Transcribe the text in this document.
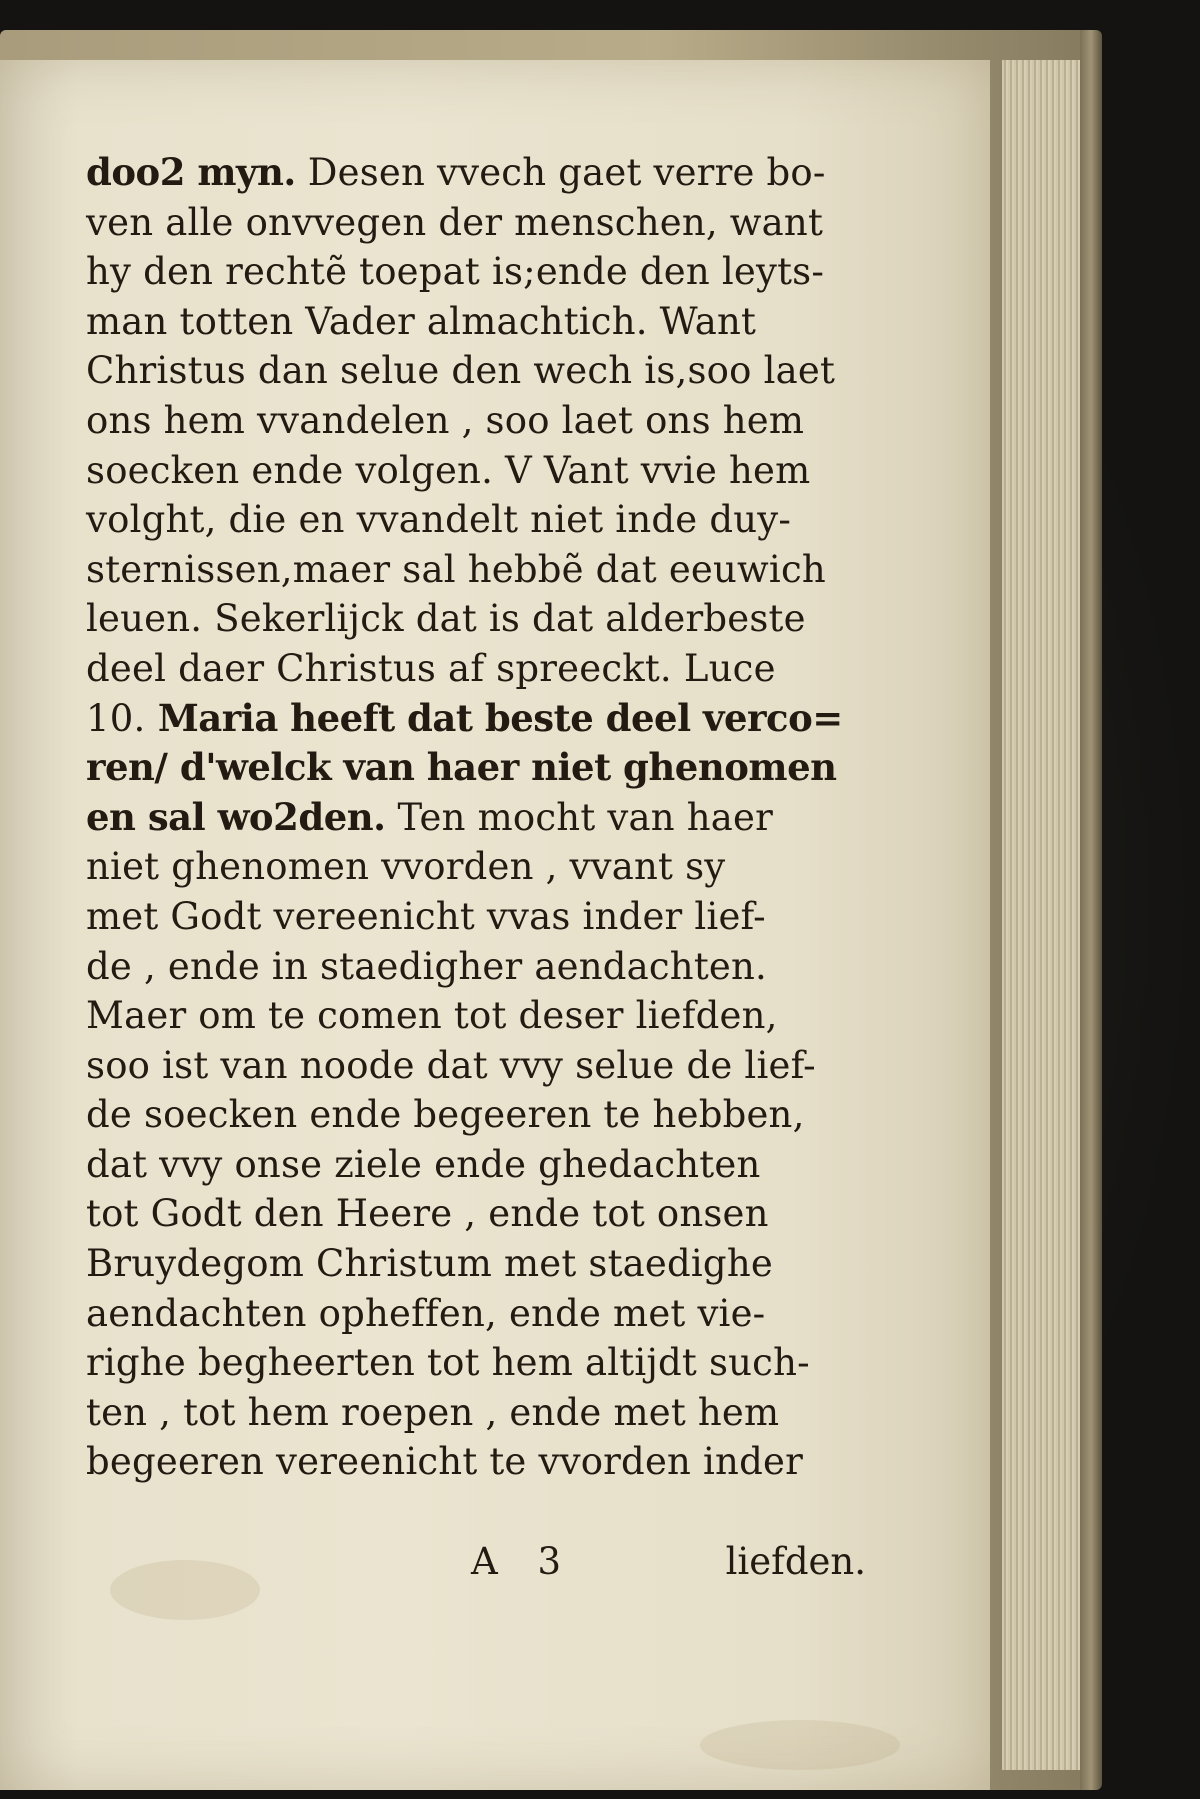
doo2 myn. Desen vvech gaet verre bo-
ven alle onvvegen der menschen, want
hy den rechtẽ toepat is;ende den leyts-
man totten Vader almachtich. Want
Christus dan selue den wech is,soo laet
ons hem vvandelen , soo laet ons hem
soecken ende volgen. V Vant vvie hem
volght, die en vvandelt niet inde duy-
sternissen,maer sal hebbẽ dat eeuwich
leuen. Sekerlijck dat is dat alderbeste
deel daer Christus af spreeckt. Luce
10. Maria heeft dat beste deel verco=
ren/ d'welck van haer niet ghenomen
en sal wo2den. Ten mocht van haer
niet ghenomen vvorden , vvant sy
met Godt vereenicht vvas inder lief-
de , ende in staedigher aendachten.
Maer om te comen tot deser liefden,
soo ist van noode dat vvy selue de lief-
de soecken ende begeeren te hebben,
dat vvy onse ziele ende ghedachten
tot Godt den Heere , ende tot onsen
Bruydegom Christum met staedighe
aendachten opheffen, ende met vie-
righe begheerten tot hem altijdt such-
ten , tot hem roepen , ende met hem
begeeren vereenicht te vvorden inder
A 3	liefden.
